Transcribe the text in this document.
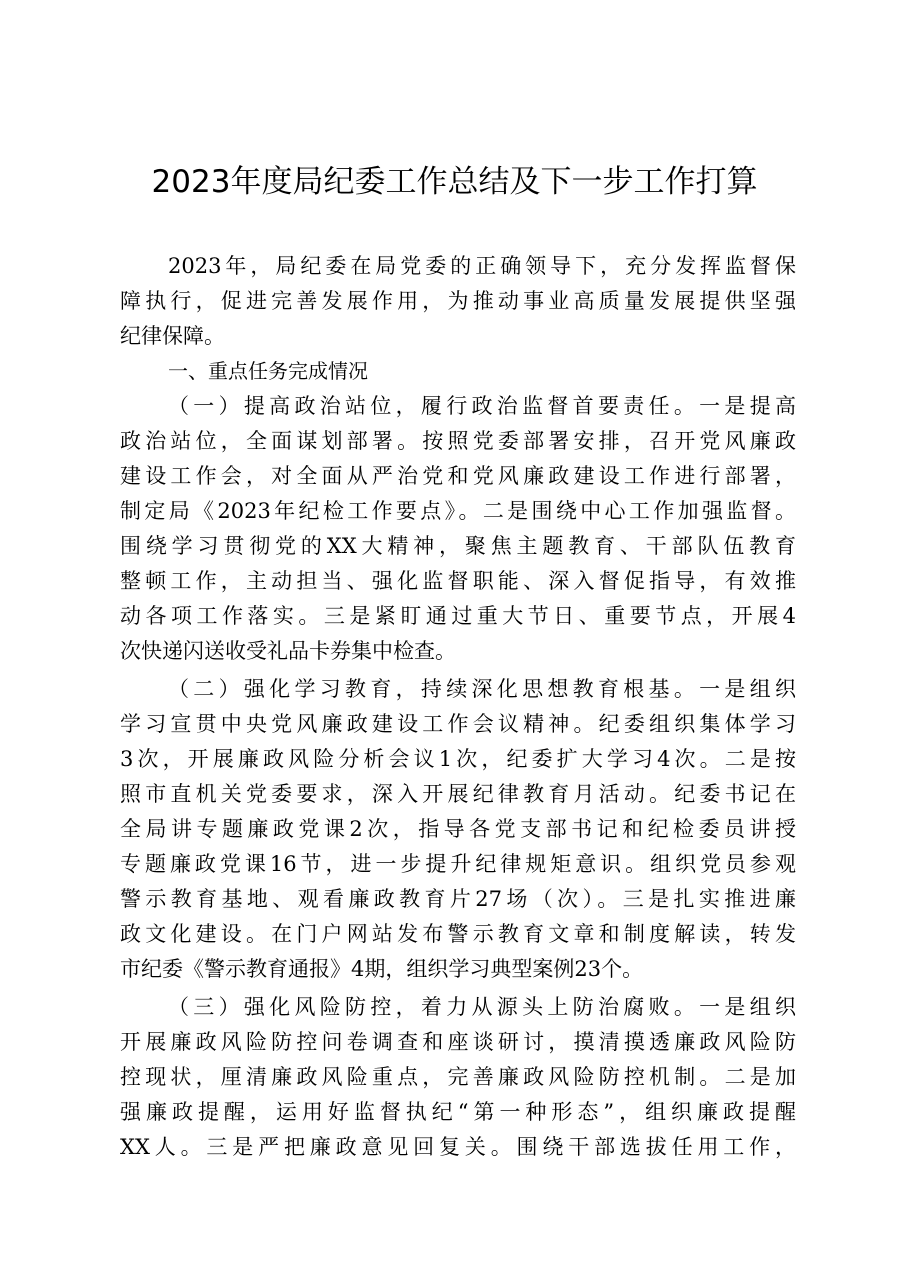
2023年度局纪委工作总结及下一步工作打算
2023年，局纪委在局党委的正确领导下，充分发挥监督保
障执行，促进完善发展作用，为推动事业高质量发展提供坚强
纪律保障。
一、重点任务完成情况
（一）提高政治站位，履行政治监督首要责任。一是提高
政治站位，全面谋划部署。按照党委部署安排，召开党风廉政
建设工作会，对全面从严治党和党风廉政建设工作进行部署，
制定局《2023年纪检工作要点》。二是围绕中心工作加强监督。
围绕学习贯彻党的XX大精神，聚焦主题教育、干部队伍教育
整顿工作，主动担当、强化监督职能、深入督促指导，有效推
动各项工作落实。三是紧盯通过重大节日、重要节点，开展4
次快递闪送收受礼品卡券集中检查。
（二）强化学习教育，持续深化思想教育根基。一是组织
学习宣贯中央党风廉政建设工作会议精神。纪委组织集体学习
3次，开展廉政风险分析会议1次，纪委扩大学习4次。二是按
照市直机关党委要求，深入开展纪律教育月活动。纪委书记在
全局讲专题廉政党课2次，指导各党支部书记和纪检委员讲授
专题廉政党课16节，进一步提升纪律规矩意识。组织党员参观
警示教育基地、观看廉政教育片27场（次）。三是扎实推进廉
政文化建设。在门户网站发布警示教育文章和制度解读，转发
市纪委《警示教育通报》4期，组织学习典型案例23个。
（三）强化风险防控，着力从源头上防治腐败。一是组织
开展廉政风险防控问卷调查和座谈研讨，摸清摸透廉政风险防
控现状，厘清廉政风险重点，完善廉政风险防控机制。二是加
强廉政提醒，运用好监督执纪“第一种形态”，组织廉政提醒
XX人。三是严把廉政意见回复关。围绕干部选拔任用工作，
